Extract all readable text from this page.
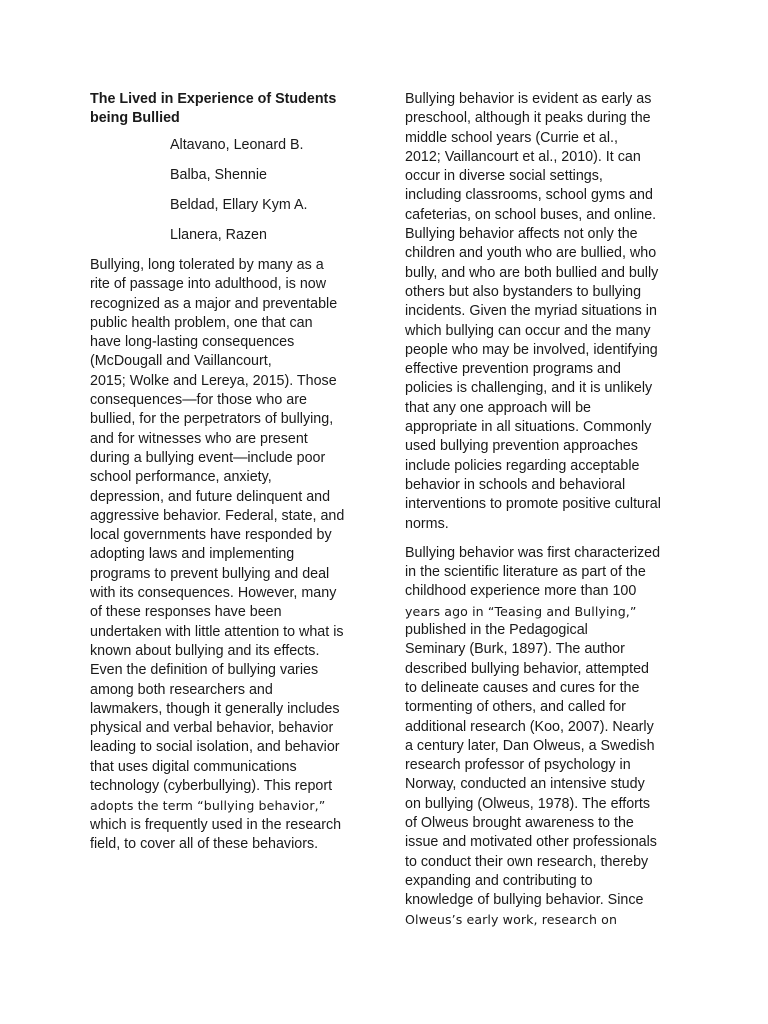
The Lived in Experience of Students
being Bullied
Altavano, Leonard B.
Balba, Shennie
Beldad, Ellary Kym A.
Llanera, Razen

Bullying, long tolerated by many as a
rite of passage into adulthood, is now
recognized as a major and preventable
public health problem, one that can
have long-lasting consequences
(McDougall and Vaillancourt,
2015; Wolke and Lereya, 2015). Those
consequences—for those who are
bullied, for the perpetrators of bullying,
and for witnesses who are present
during a bullying event—include poor
school performance, anxiety,
depression, and future delinquent and
aggressive behavior. Federal, state, and
local governments have responded by
adopting laws and implementing
programs to prevent bullying and deal
with its consequences. However, many
of these responses have been
undertaken with little attention to what is
known about bullying and its effects.
Even the definition of bullying varies
among both researchers and
lawmakers, though it generally includes
physical and verbal behavior, behavior
leading to social isolation, and behavior
that uses digital communications
technology (cyberbullying). This report
adopts the term “bullying behavior,”
which is frequently used in the research
field, to cover all of these behaviors.

Bullying behavior is evident as early as
preschool, although it peaks during the
middle school years (Currie et al.,
2012; Vaillancourt et al., 2010). It can
occur in diverse social settings,
including classrooms, school gyms and
cafeterias, on school buses, and online.
Bullying behavior affects not only the
children and youth who are bullied, who
bully, and who are both bullied and bully
others but also bystanders to bullying
incidents. Given the myriad situations in
which bullying can occur and the many
people who may be involved, identifying
effective prevention programs and
policies is challenging, and it is unlikely
that any one approach will be
appropriate in all situations. Commonly
used bullying prevention approaches
include policies regarding acceptable
behavior in schools and behavioral
interventions to promote positive cultural
norms.

Bullying behavior was first characterized
in the scientific literature as part of the
childhood experience more than 100
years ago in “Teasing and Bullying,”
published in the Pedagogical
Seminary (Burk, 1897). The author
described bullying behavior, attempted
to delineate causes and cures for the
tormenting of others, and called for
additional research (Koo, 2007). Nearly
a century later, Dan Olweus, a Swedish
research professor of psychology in
Norway, conducted an intensive study
on bullying (Olweus, 1978). The efforts
of Olweus brought awareness to the
issue and motivated other professionals
to conduct their own research, thereby
expanding and contributing to
knowledge of bullying behavior. Since
Olweus’s early work, research on
